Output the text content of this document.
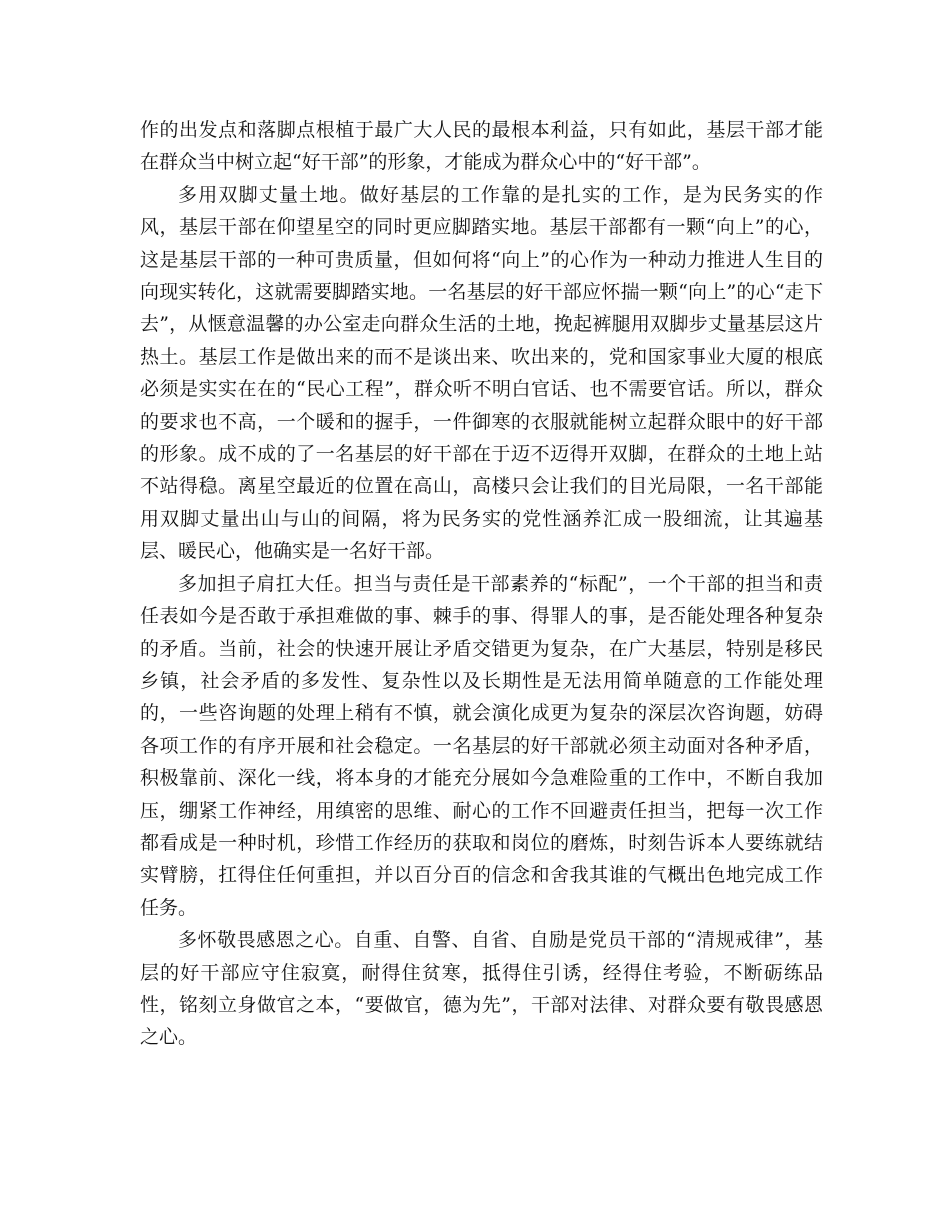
作的出发点和落脚点根植于最广大人民的最根本利益，只有如此，基层干部才能在群众当中树立起“好干部”的形象，才能成为群众心中的“好干部”。

多用双脚丈量土地。做好基层的工作靠的是扎实的工作，是为民务实的作风，基层干部在仰望星空的同时更应脚踏实地。基层干部都有一颗“向上”的心，这是基层干部的一种可贵质量，但如何将“向上”的心作为一种动力推进人生目的向现实转化，这就需要脚踏实地。一名基层的好干部应怀揣一颗“向上”的心“走下去”，从惬意温馨的办公室走向群众生活的土地，挽起裤腿用双脚步丈量基层这片热土。基层工作是做出来的而不是谈出来、吹出来的，党和国家事业大厦的根底必须是实实在在的“民心工程”，群众听不明白官话、也不需要官话。所以，群众的要求也不高，一个暖和的握手，一件御寒的衣服就能树立起群众眼中的好干部的形象。成不成的了一名基层的好干部在于迈不迈得开双脚，在群众的土地上站不站得稳。离星空最近的位置在高山，高楼只会让我们的目光局限，一名干部能用双脚丈量出山与山的间隔，将为民务实的党性涵养汇成一股细流，让其遍基层、暖民心，他确实是一名好干部。

多加担子肩扛大任。担当与责任是干部素养的“标配”，一个干部的担当和责任表如今是否敢于承担难做的事、棘手的事、得罪人的事，是否能处理各种复杂的矛盾。当前，社会的快速开展让矛盾交错更为复杂，在广大基层，特别是移民乡镇，社会矛盾的多发性、复杂性以及长期性是无法用简单随意的工作能处理的，一些咨询题的处理上稍有不慎，就会演化成更为复杂的深层次咨询题，妨碍各项工作的有序开展和社会稳定。一名基层的好干部就必须主动面对各种矛盾，积极靠前、深化一线，将本身的才能充分展如今急难险重的工作中，不断自我加压，绷紧工作神经，用缜密的思维、耐心的工作不回避责任担当，把每一次工作都看成是一种时机，珍惜工作经历的获取和岗位的磨炼，时刻告诉本人要练就结实臂膀，扛得住任何重担，并以百分百的信念和舍我其谁的气概出色地完成工作任务。

多怀敬畏感恩之心。自重、自警、自省、自励是党员干部的“清规戒律”，基层的好干部应守住寂寞，耐得住贫寒，抵得住引诱，经得住考验，不断砺练品性，铭刻立身做官之本，“要做官，德为先”，干部对法律、对群众要有敬畏感恩之心。
